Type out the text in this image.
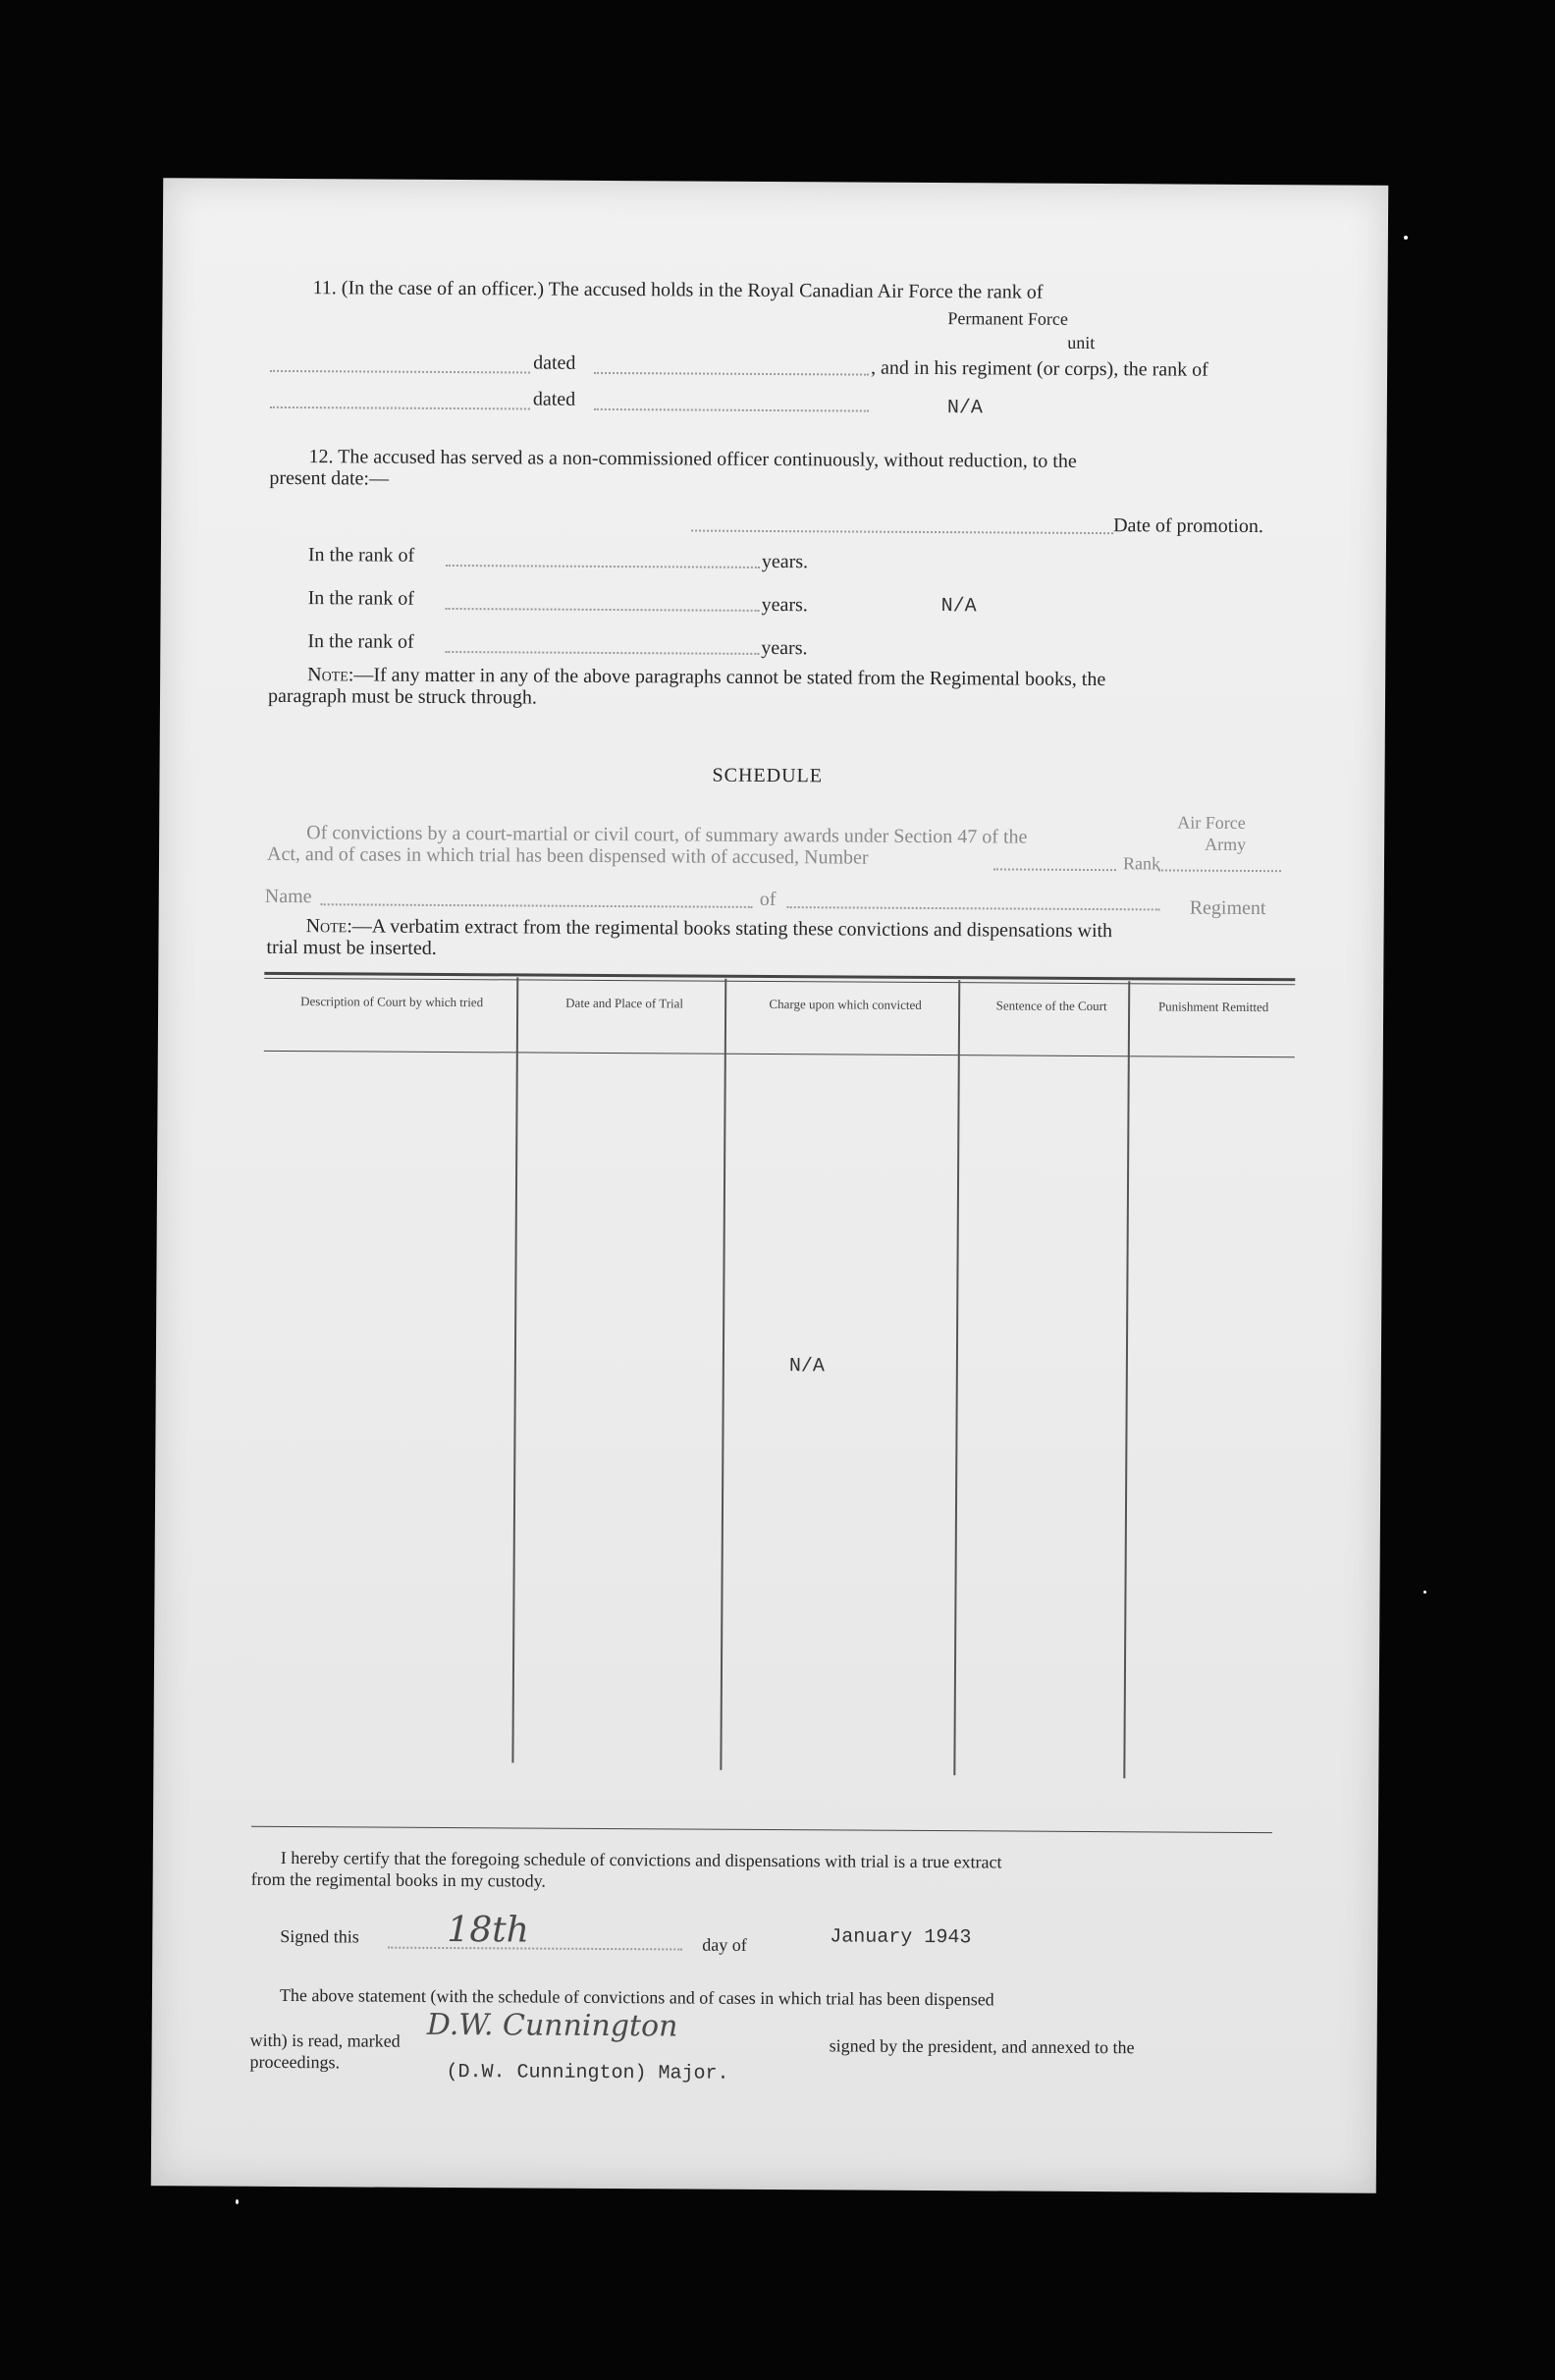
11. (In the case of an officer.) The accused holds in the Royal Canadian Air Force the rank of
Permanent Force
unit
dated	, and in his regiment (or corps), the rank of
dated	N/A
12. The accused has served as a non-commissioned officer continuously, without reduction, to the
present date:—
Date of promotion.
In the rank of	years.
In the rank of	years.	N/A
In the rank of	years.
Note:—If any matter in any of the above paragraphs cannot be stated from the Regimental books, the
paragraph must be struck through.
SCHEDULE
Of convictions by a court-martial or civil court, of summary awards under Section 47 of the
Act, and of cases in which trial has been dispensed with of accused, Number
Air Force
Army
Rank
Name	of	Regiment
Note:—A verbatim extract from the regimental books stating these convictions and dispensations with
trial must be inserted.
Description of Court by which tried	Date and Place of Trial	Charge upon which convicted	Sentence of the Court	Punishment Remitted
N/A
I hereby certify that the foregoing schedule of convictions and dispensations with trial is a true extract
from the regimental books in my custody.
Signed this 18th	day of	January 1943
The above statement (with the schedule of convictions and of cases in which trial has been dispensed
with) is read, marked D.W. Cunnington
signed by the president, and annexed to the
proceedings.	(D.W. Cunnington) Major.
